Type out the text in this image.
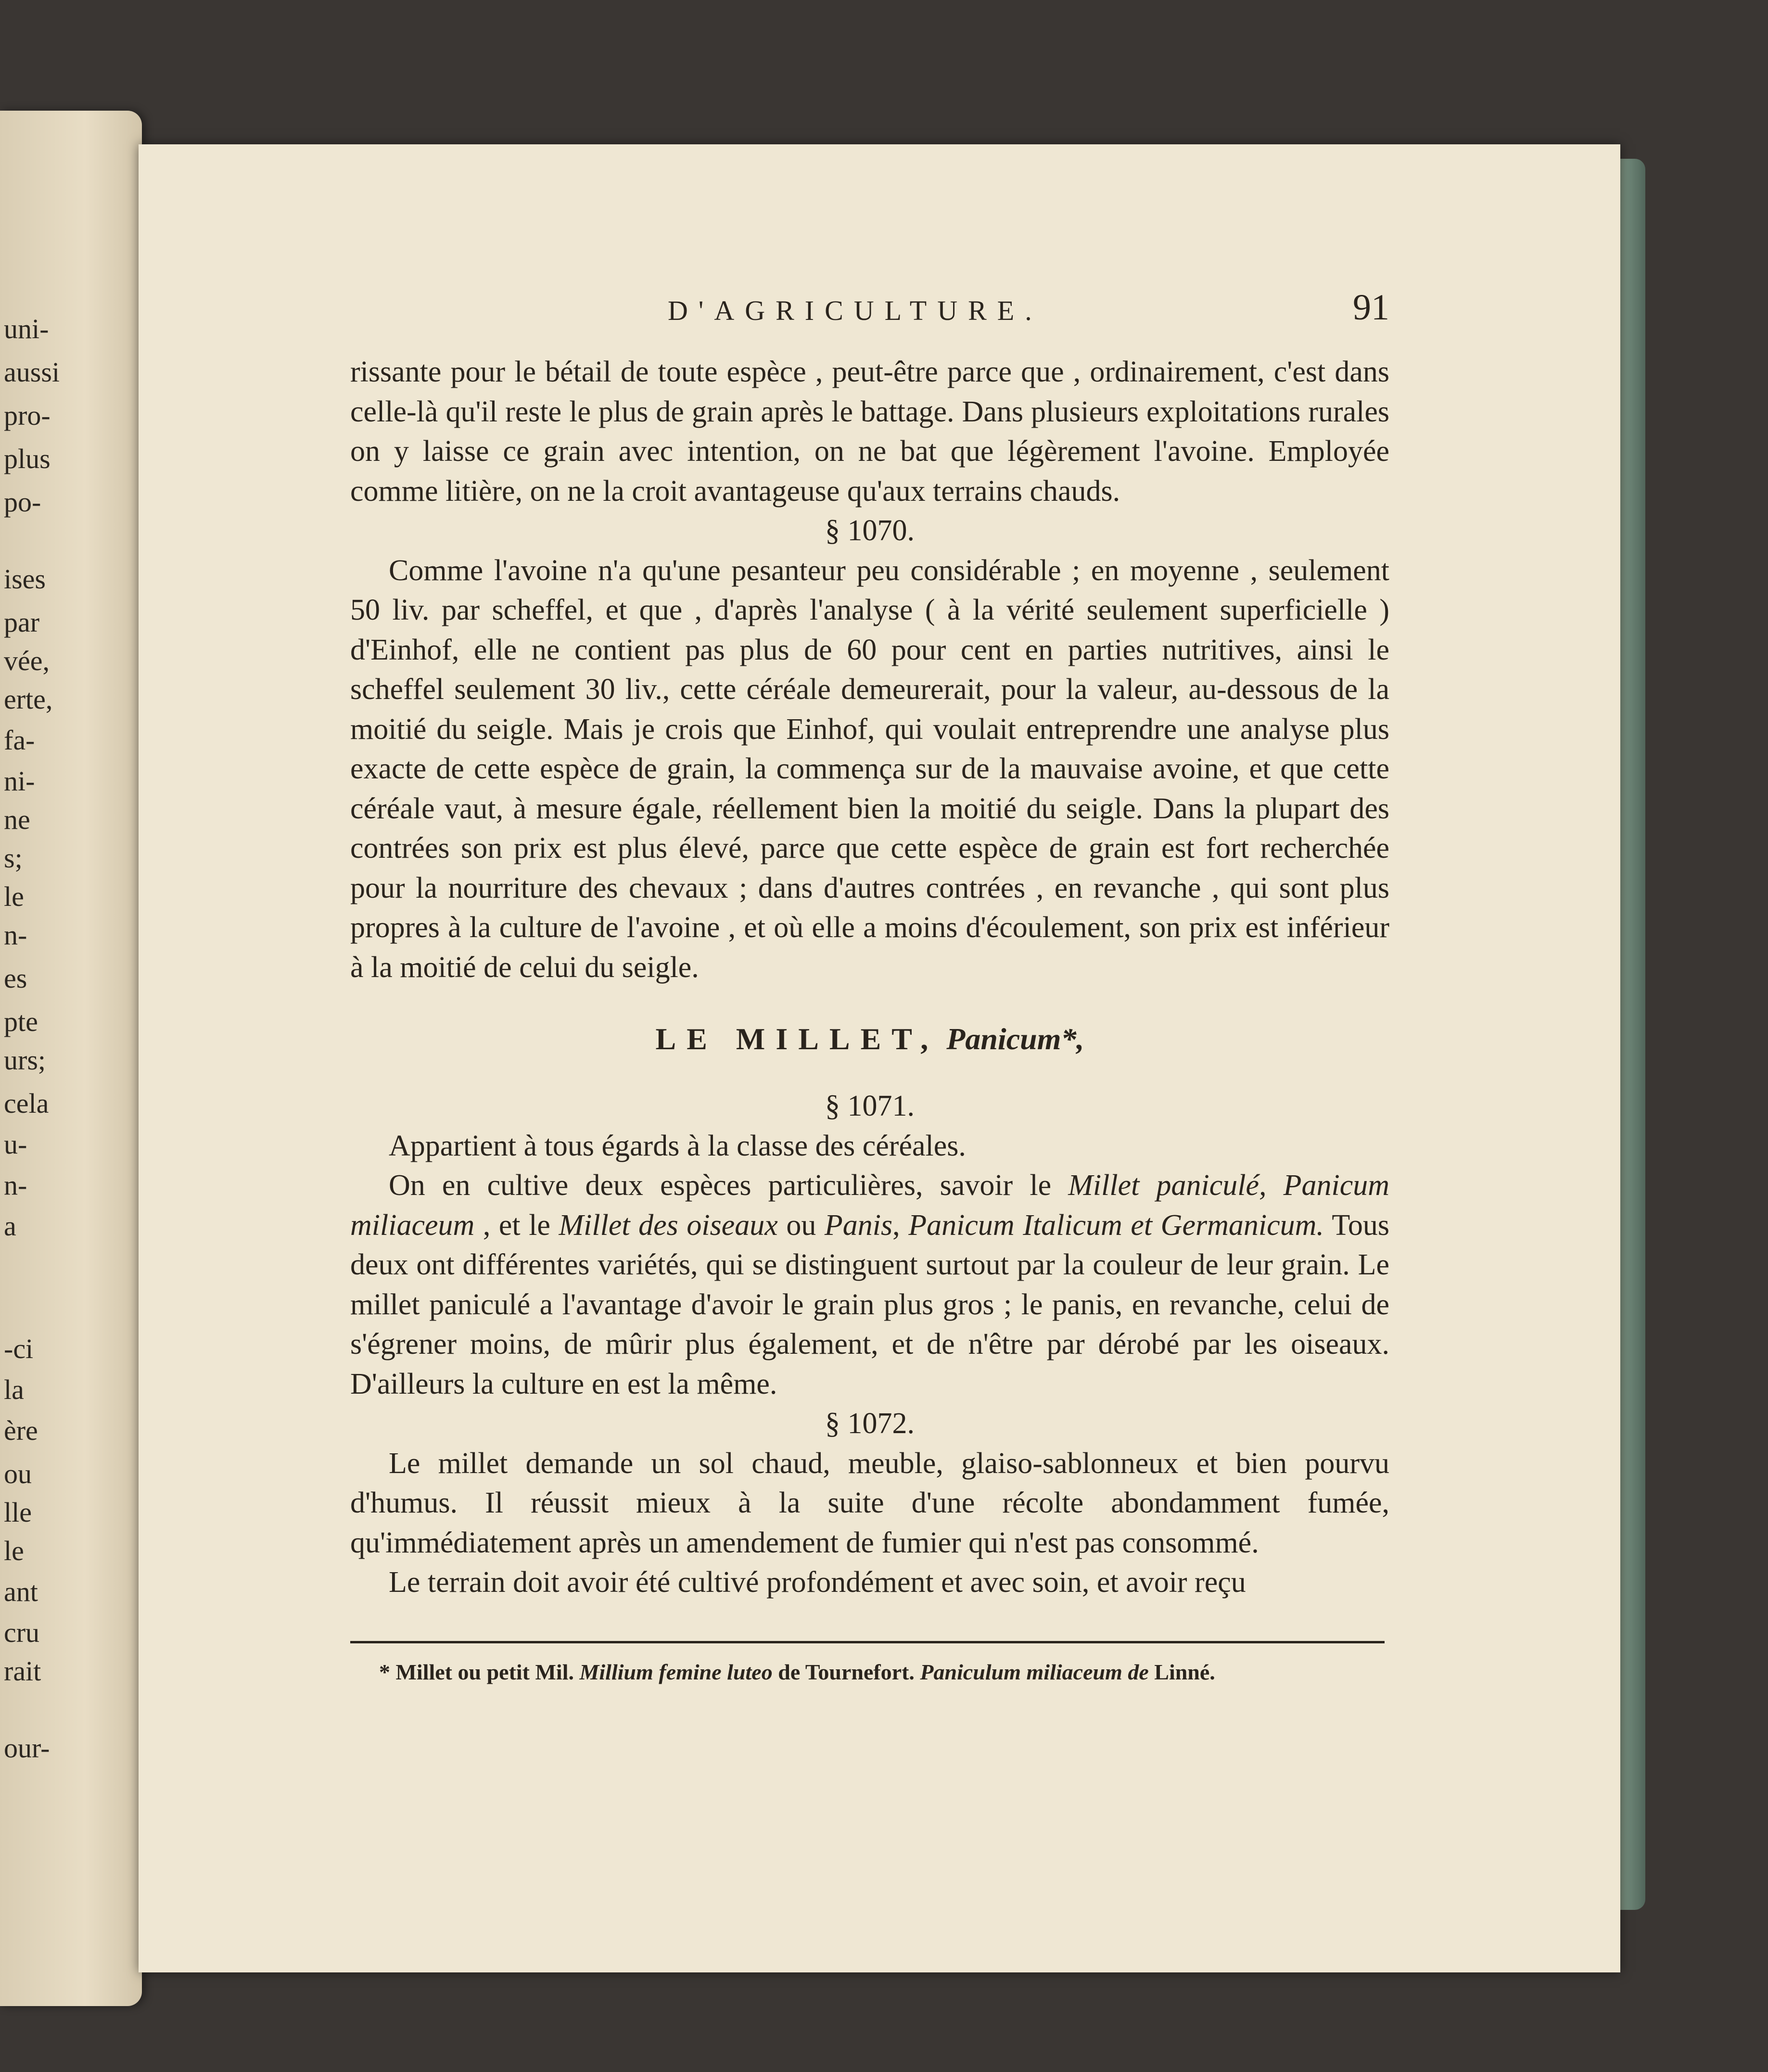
uni-
aussi
pro-
plus
po-
ises
par
vée,
erte,
fa-
ni-
ne
s;
le
n-
es
pte
urs;
cela
u-
n-
a
-ci
la
ère
ou
lle
le
ant
cru
rait
our-
D'AGRICULTURE.	91

rissante pour le bétail de toute espèce , peut-être parce que , ordinairement, c'est dans celle-là qu'il reste le plus de grain après le battage. Dans plusieurs exploitations rurales on y laisse ce grain avec intention, on ne bat que légèrement l'avoine. Employée comme litière, on ne la croit avantageuse qu'aux terrains chauds.

§ 1070.

Comme l'avoine n'a qu'une pesanteur peu considérable ; en moyenne , seulement 50 liv. par scheffel, et que , d'après l'analyse ( à la vérité seulement superficielle ) d'Einhof, elle ne contient pas plus de 60 pour cent en parties nutritives, ainsi le scheffel seulement 30 liv., cette céréale demeurerait, pour la valeur, au-dessous de la moitié du seigle. Mais je crois que Einhof, qui voulait entreprendre une analyse plus exacte de cette espèce de grain, la commença sur de la mauvaise avoine, et que cette céréale vaut, à mesure égale, réellement bien la moitié du seigle. Dans la plupart des contrées son prix est plus élevé, parce que cette espèce de grain est fort recherchée pour la nourriture des chevaux ; dans d'autres contrées , en revanche , qui sont plus propres à la culture de l'avoine , et où elle a moins d'écoulement, son prix est inférieur à la moitié de celui du seigle.

LE MILLET, Panicum*,

§ 1071.

Appartient à tous égards à la classe des céréales.

On en cultive deux espèces particulières, savoir le Millet paniculé, Panicum miliaceum , et le Millet des oiseaux ou Panis, Panicum Italicum et Germanicum. Tous deux ont différentes variétés, qui se distinguent surtout par la couleur de leur grain. Le millet paniculé a l'avantage d'avoir le grain plus gros ; le panis, en revanche, celui de s'égrener moins, de mûrir plus également, et de n'être par dérobé par les oiseaux. D'ailleurs la culture en est la même.

§ 1072.

Le millet demande un sol chaud, meuble, glaiso-sablonneux et bien pourvu d'humus. Il réussit mieux à la suite d'une récolte abondamment fumée, qu'immédiatement après un amendement de fumier qui n'est pas consommé.

Le terrain doit avoir été cultivé profondément et avec soin, et avoir reçu

* Millet ou petit Mil. Millium femine luteo de Tournefort. Paniculum miliaceum de Linné.
